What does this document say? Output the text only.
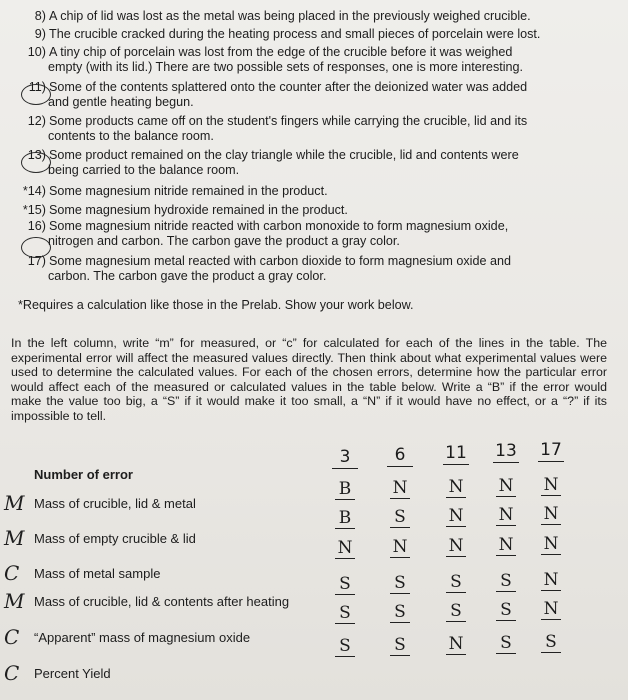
8) A chip of lid was lost as the metal was being placed in the previously weighed crucible.
9) The crucible cracked during the heating process and small pieces of porcelain were lost.
10) A tiny chip of porcelain was lost from the edge of the crucible before it was weighed
empty (with its lid.) There are two possible sets of responses, one is more interesting.
11) Some of the contents splattered onto the counter after the deionized water was added
and gentle heating begun.
12) Some products came off on the student's fingers while carrying the crucible, lid and its
contents to the balance room.
13) Some product remained on the clay triangle while the crucible, lid and contents were
being carried to the balance room.
*14) Some magnesium nitride remained in the product.
*15) Some magnesium hydroxide remained in the product.
16) Some magnesium nitride reacted with carbon monoxide to form magnesium oxide,
nitrogen and carbon. The carbon gave the product a gray color.
17) Some magnesium metal reacted with carbon dioxide to form magnesium oxide and
carbon. The carbon gave the product a gray color.
*Requires a calculation like those in the Prelab. Show your work below.
In the left column, write “m” for measured, or “c” for calculated for each of the lines in the table. The experimental error will affect the measured values directly. Then think about what experimental values were used to determine the calculated values. For each of the chosen errors, determine how the particular error would affect each of the measured or calculated values in the table below. Write a “B” if the error would make the value too big, a “S” if it would make it too small, a “N” if it would have no effect, or a “?” if its impossible to tell.
Number of error
3	6	11 13 17
M Mass of crucible, lid & metal
B	N	N	N	N
M Mass of empty crucible & lid
B	S	N	N	N
C Mass of metal sample
N	N	N	N	N
M Mass of crucible, lid & contents after heating
S	S	S	S	N
C “Apparent” mass of magnesium oxide
S	S	S	S	N
C Percent Yield
S	S	N	S	S
